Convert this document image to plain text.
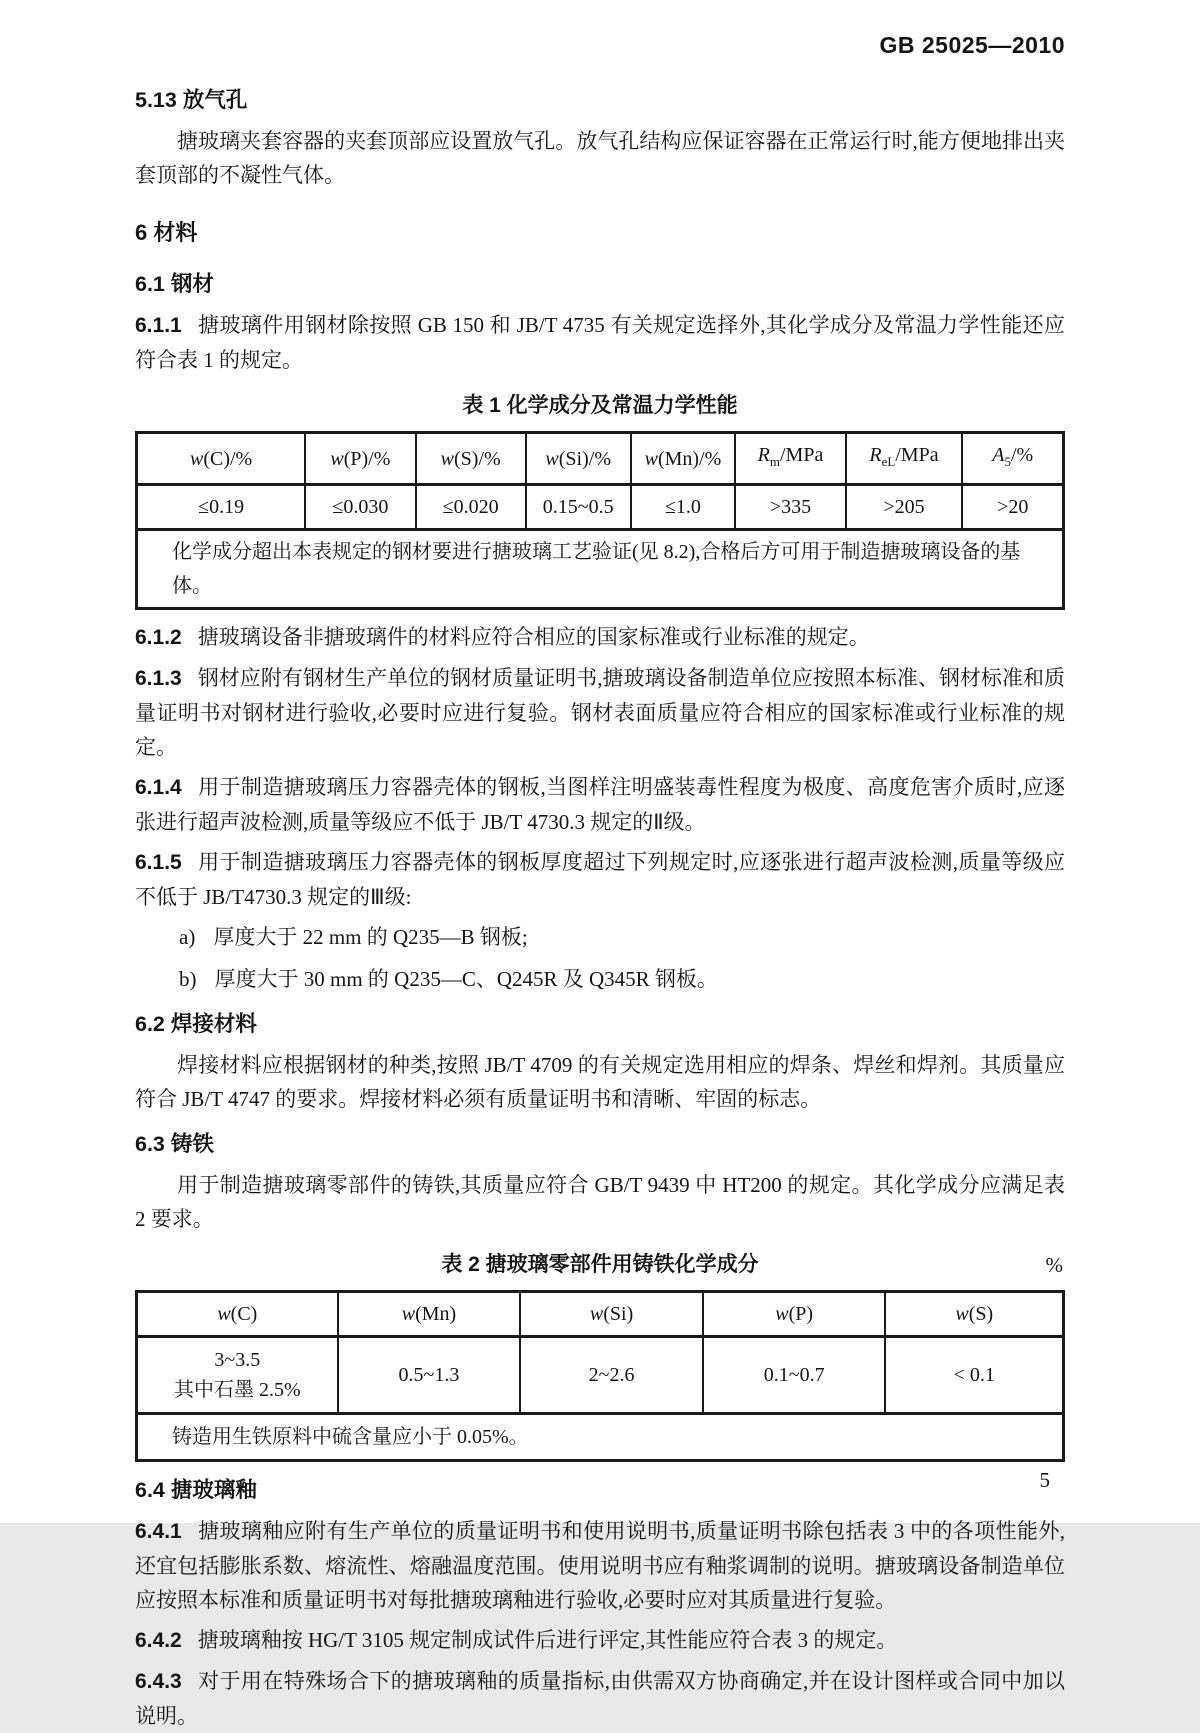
GB 25025—2010
5.13 放气孔

搪玻璃夹套容器的夹套顶部应设置放气孔。放气孔结构应保证容器在正常运行时,能方便地排出夹套顶部的不凝性气体。

6 材料
6.1 钢材

6.1.1 搪玻璃件用钢材除按照 GB 150 和 JB/T 4735 有关规定选择外,其化学成分及常温力学性能还应符合表 1 的规定。

表 1 化学成分及常温力学性能
w(C)/%	w(P)/%	w(S)/%	w(Si)/%	w(Mn)/%	$R_m$/MPa	$R_{eL}$/MPa	$A_5/\%$
≤0.19	≤0.030	≤0.020	0.15~0.5	≤1.0	>335	>205	>20
化学成分超出本表规定的钢材要进行搪玻璃工艺验证(见 8.2),合格后方可用于制造搪玻璃设备的基体。							

6.1.2 搪玻璃设备非搪玻璃件的材料应符合相应的国家标准或行业标准的规定。

6.1.3 钢材应附有钢材生产单位的钢材质量证明书,搪玻璃设备制造单位应按照本标准、钢材标准和质量证明书对钢材进行验收,必要时应进行复验。钢材表面质量应符合相应的国家标准或行业标准的规定。

6.1.4 用于制造搪玻璃压力容器壳体的钢板,当图样注明盛装毒性程度为极度、高度危害介质时,应逐张进行超声波检测,质量等级应不低于 JB/T 4730.3 规定的Ⅱ级。

6.1.5 用于制造搪玻璃压力容器壳体的钢板厚度超过下列规定时,应逐张进行超声波检测,质量等级应不低于 JB/T4730.3 规定的Ⅲ级:

a) 厚度大于 22 mm 的 Q235—B 钢板;
b) 厚度大于 30 mm 的 Q235—C、Q245R 及 Q345R 钢板。
6.2 焊接材料

焊接材料应根据钢材的种类,按照 JB/T 4709 的有关规定选用相应的焊条、焊丝和焊剂。其质量应符合 JB/T 4747 的要求。焊接材料必须有质量证明书和清晰、牢固的标志。

6.3 铸铁

用于制造搪玻璃零部件的铸铁,其质量应符合 GB/T 9439 中 HT200 的规定。其化学成分应满足表 2 要求。

表 2 搪玻璃零部件用铸铁化学成分	%
w(C)	w(Mn)	w(Si)	w(P)	w(S)

3~3.5
其中石墨 2.5%	0.5~1.3	2~2.6	0.1~0.7	< 0.1
铸造用生铁原料中硫含量应小于 0.05%。				
6.4 搪玻璃釉

6.4.1 搪玻璃釉应附有生产单位的质量证明书和使用说明书,质量证明书除包括表 3 中的各项性能外,还宜包括膨胀系数、熔流性、熔融温度范围。使用说明书应有釉浆调制的说明。搪玻璃设备制造单位应按照本标准和质量证明书对每批搪玻璃釉进行验收,必要时应对其质量进行复验。

6.4.2 搪玻璃釉按 HG/T 3105 规定制成试件后进行评定,其性能应符合表 3 的规定。

6.4.3 对于用在特殊场合下的搪玻璃釉的质量指标,由供需双方协商确定,并在设计图样或合同中加以说明。

5
